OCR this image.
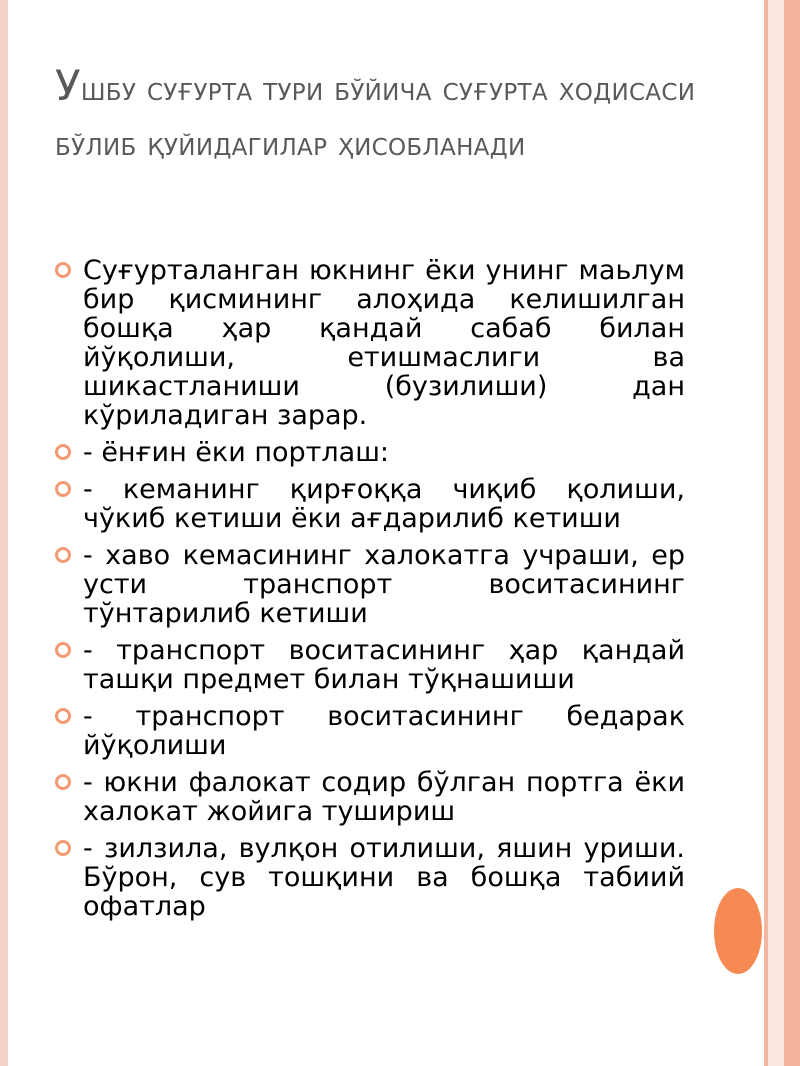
Ушбу суғурта тури бўйича суғурта ходисаси бўлиб қуйидагилар ҳисобланади
Суғурталанган юкнинг ёки унинг маьлум бир қисмининг алоҳида келишилган бошқа ҳар қандай сабаб билан йўқолиши, етишмаслиги ва шикастланиши (бузилиши) дан кўриладиган зарар.
- ёнғин ёки портлаш:
- кеманинг қирғоққа чиқиб қолиши, чўкиб кетиши ёки ағдарилиб кетиши
- хаво кемасининг халокатга учраши, ер усти транспорт воситасининг тўнтарилиб кетиши
- транспорт воситасининг ҳар қандай ташқи предмет билан тўқнашиши
- транспорт воситасининг бедарак йўқолиши
- юкни фалокат содир бўлган портга ёки халокат жойига тушириш
- зилзила, вулқон отилиши, яшин уриши. Бўрон, сув тошқини ва бошқа табиий офатлар
